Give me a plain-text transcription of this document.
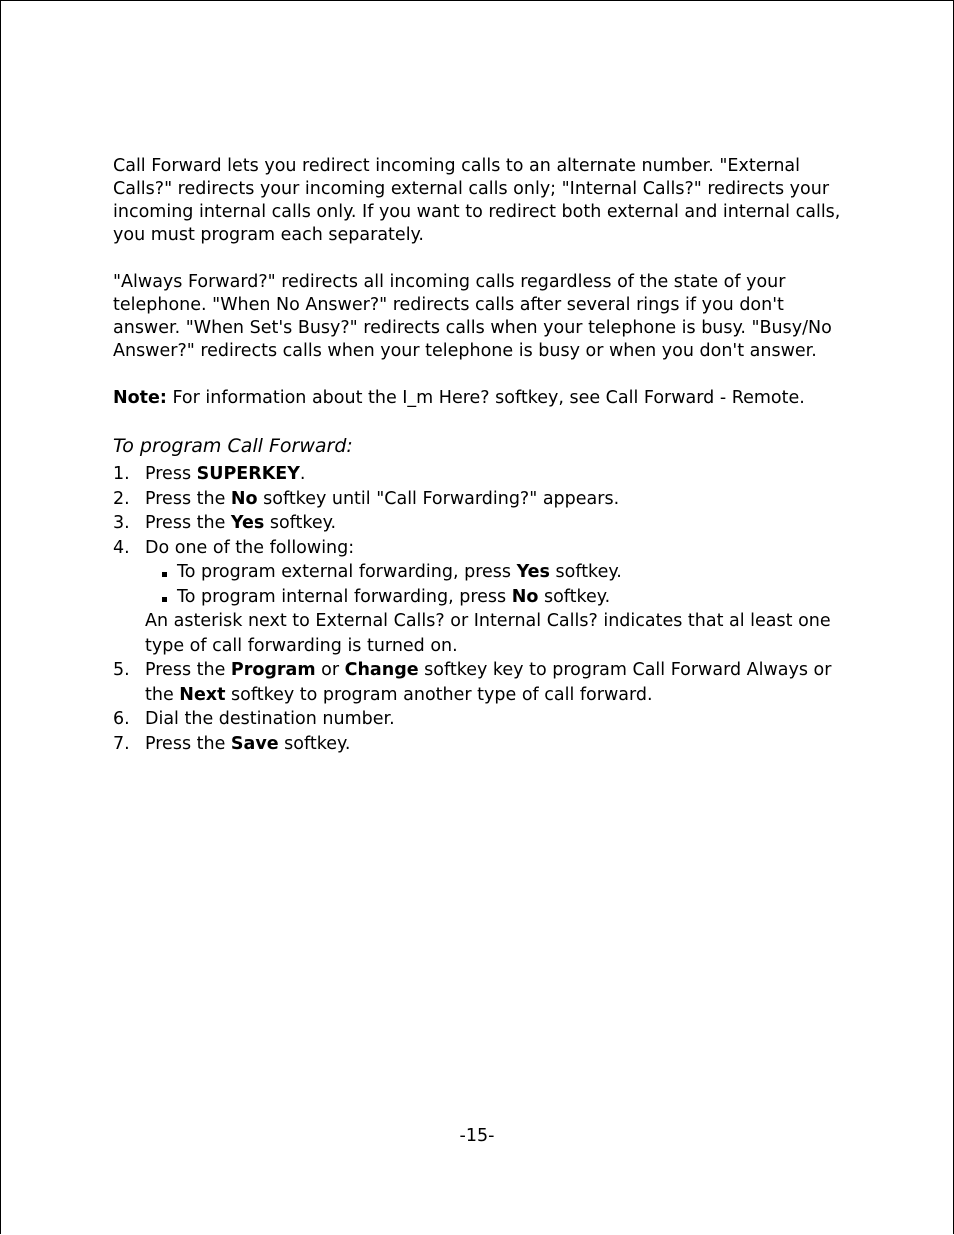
Call Forward lets you redirect incoming calls to an alternate number. "External Calls?" redirects your incoming external calls only; "Internal Calls?" redirects your incoming internal calls only. If you want to redirect both external and internal calls, you must program each separately.

"Always Forward?" redirects all incoming calls regardless of the state of your telephone. "When No Answer?" redirects calls after several rings if you don't answer. "When Set's Busy?" redirects calls when your telephone is busy. "Busy/No Answer?" redirects calls when your telephone is busy or when you don't answer.

Note: For information about the I_m Here? softkey, see Call Forward - Remote.

To program Call Forward:
1. Press SUPERKEY.
2. Press the No softkey until "Call Forwarding?" appears.
3. Press the Yes softkey.
4. Do one of the following:
To program external forwarding, press Yes softkey.
To program internal forwarding, press No softkey.
An asterisk next to External Calls? or Internal Calls? indicates that al least one type of call forwarding is turned on.
5. Press the Program or Change softkey key to program Call Forward Always or the Next softkey to program another type of call forward.
6. Dial the destination number.
7. Press the Save softkey.
-15-
